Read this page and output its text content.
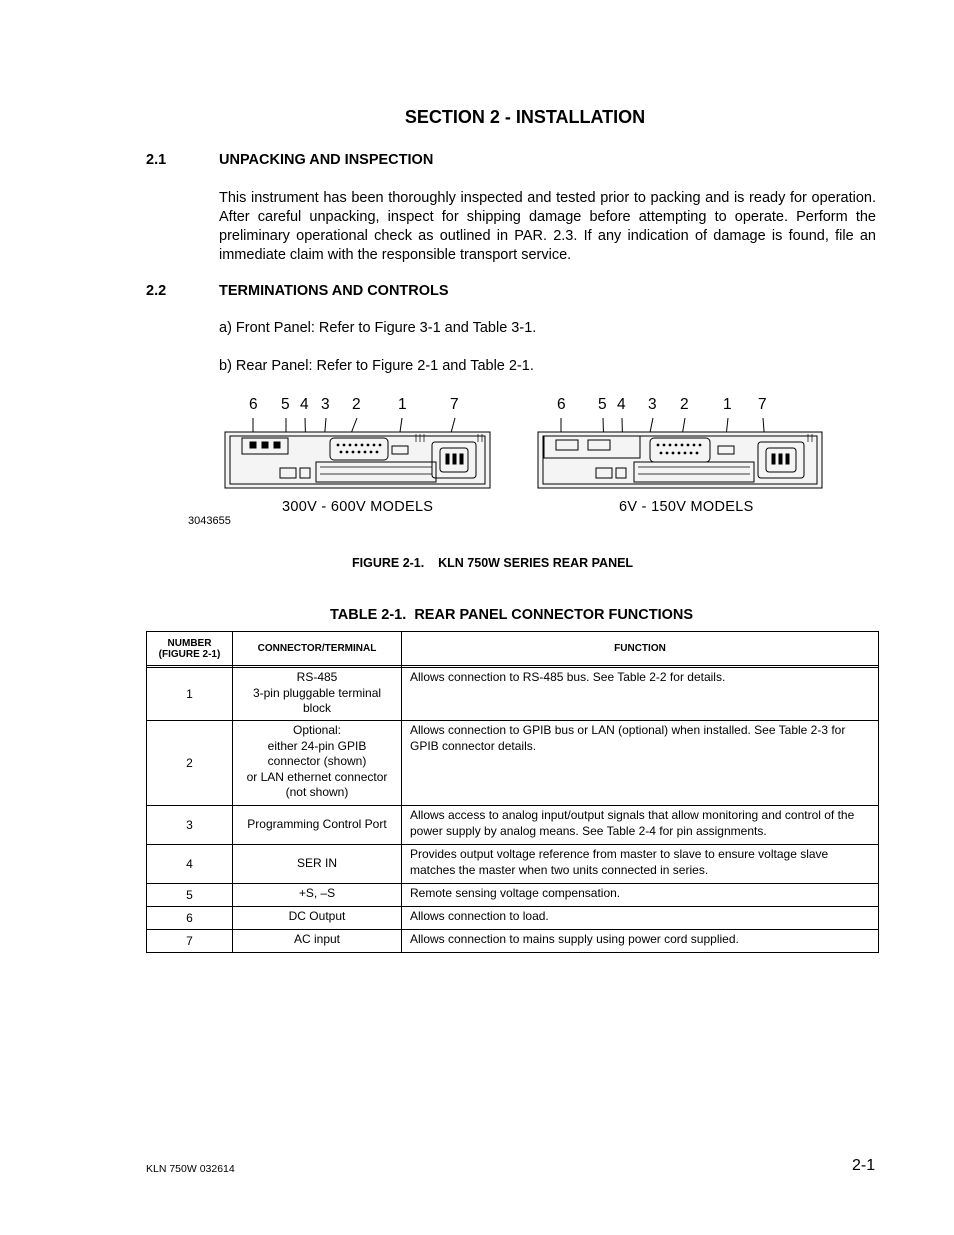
SECTION 2 - INSTALLATION
2.1	UNPACKING AND INSPECTION
This instrument has been thoroughly inspected and tested prior to packing and is ready for operation. After careful unpacking, inspect for shipping damage before attempting to operate. Perform the preliminary operational check as outlined in PAR. 2.3. If any indication of damage is found, file an immediate claim with the responsible transport service.
2.2	TERMINATIONS AND CONTROLS
a) Front Panel: Refer to Figure 3-1 and Table 3-1.
b) Rear Panel: Refer to Figure 2-1 and Table 2-1.
6 5 4 3 2 1	7	6 5 4 3 2 1 7
300V - 600V MODELS	6V - 150V MODELS
3043655
FIGURE 2-1.    KLN 750W SERIES REAR PANEL
TABLE 2-1.  REAR PANEL CONNECTOR FUNCTIONS
NUMBER
(FIGURE 2-1)	CONNECTOR/TERMINAL	FUNCTION

1	RS-485
3-pin pluggable terminal
block	Allows connection to RS-485 bus. See Table 2-2 for details.
2	Optional:
either 24-pin GPIB
connector (shown)
or LAN ethernet connector
(not shown)	Allows connection to GPIB bus or LAN (optional) when installed. See Table 2-3 for GPIB connector details.
3	Programming Control Port	Allows access to analog input/output signals that allow monitoring and control of the power supply by analog means. See Table 2-4 for pin assignments.
4	SER IN	Provides output voltage reference from master to slave to ensure voltage slave matches the master when two units connected in series.
5	+S, –S	Remote sensing voltage compensation.
6	DC Output	Allows connection to load.
7	AC input	Allows connection to mains supply using power cord supplied.
KLN 750W 032614	2-1
